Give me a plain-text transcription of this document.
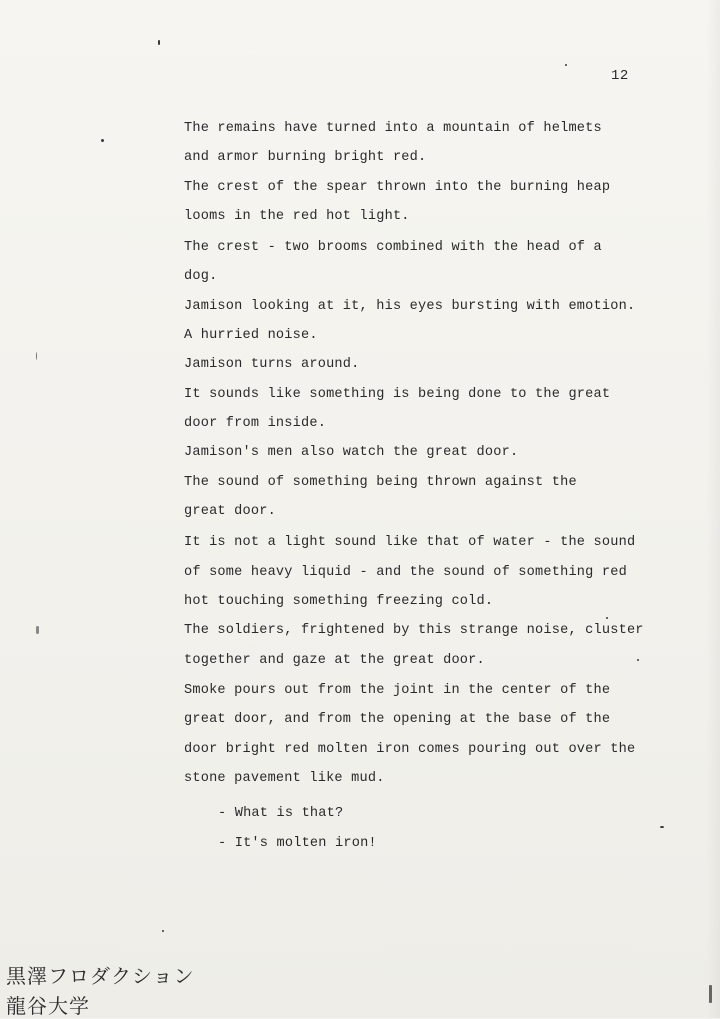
12
The remains have turned into a mountain of helmets
and armor burning bright red.
The crest of the spear thrown into the burning heap
looms in the red hot light.
The crest - two brooms combined with the head of a
dog.
Jamison looking at it, his eyes bursting with emotion.
A hurried noise.
Jamison turns around.
It sounds like something is being done to the great
door from inside.
Jamison's men also watch the great door.
The sound of something being thrown against the
great door.
It is not a light sound like that of water - the sound
of some heavy liquid - and the sound of something red
hot touching something freezing cold.
The soldiers, frightened by this strange noise, cluster
together and gaze at the great door.
Smoke pours out from the joint in the center of the
great door, and from the opening at the base of the
door bright red molten iron comes pouring out over the
stone pavement like mud.
- What is that?
- It's molten iron!
黒澤フロダクション
龍谷大学
